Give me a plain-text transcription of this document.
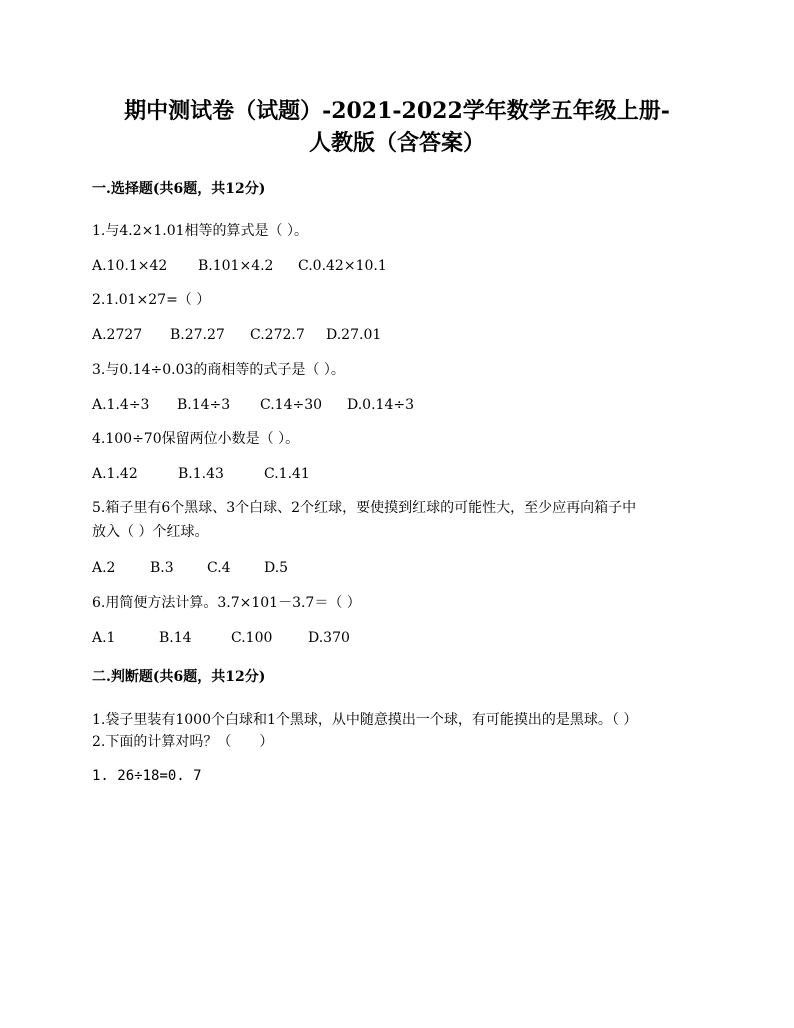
期中测试卷（试题）-2021-2022学年数学五年级上册-
人教版（含答案）
一.选择题(共6题，共12分)
1.与4.2×1.01相等的算式是（ ）。
A.10.1×42 B.101×4.2 C.0.42×10.1
2.1.01×27=（ ）
A.2727 B.27.27 C.272.7 D.27.01
3.与0.14÷0.03的商相等的式子是（ ）。
A.1.4÷3 B.14÷3 C.14÷30 D.0.14÷3
4.100÷70保留两位小数是（ ）。
A.1.42	B.1.43	C.1.41
5.箱子里有6个黑球、3个白球、2个红球，要使摸到红球的可能性大，至少应再向箱子中
放入（ ）个红球。
A.2 B.3 C.4 D.5
6.用简便方法计算。3.7×101－3.7＝（ ）
A.1	B.14	C.100	D.370
二.判断题(共6题，共12分)
1.袋子里装有1000个白球和1个黑球，从中随意摸出一个球，有可能摸出的是黑球。（ ）
2.下面的计算对吗？（　　）
1. 26÷18=0. 7
